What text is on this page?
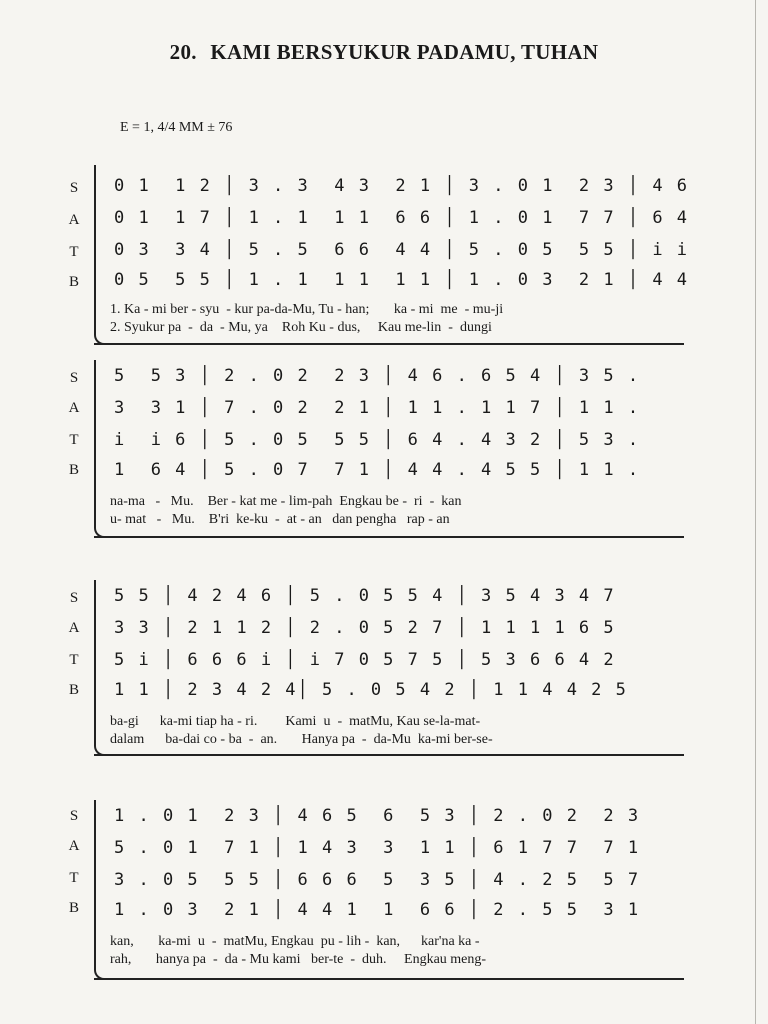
20. KAMI BERSYUKUR PADAMU, TUHAN
E = 1, 4/4 MM ± 76
S
A
T
B
0 1  1 2 │ 3 . 3  4 3  2 1 │ 3 . 0 1  2 3 │ 4 6
0 1  1 7 │ 1 . 1  1 1  6 6 │ 1 . 0 1  7 7 │ 6 4
0 3  3 4 │ 5 . 5  6 6  4 4 │ 5 . 0 5  5 5 │ i i
0 5  5 5 │ 1 . 1  1 1  1 1 │ 1 . 0 3  2 1 │ 4 4
1. Ka - mi ber - syu  - kur pa-da-Mu, Tu - han;       ka - mi  me  - mu-ji
2. Syukur pa  -  da  - Mu, ya    Roh Ku - dus,     Kau me-lin  -  dungi
S
A
T
B
5  5 3 │ 2 . 0 2  2 3 │ 4 6 . 6 5 4 │ 3 5 .
3  3 1 │ 7 . 0 2  2 1 │ 1 1 . 1 1 7 │ 1 1 .
i  i 6 │ 5 . 0 5  5 5 │ 6 4 . 4 3 2 │ 5 3 .
1  6 4 │ 5 . 0 7  7 1 │ 4 4 . 4 5 5 │ 1 1 .
na-ma   -   Mu.    Ber - kat me - lim-pah  Engkau be -  ri  -  kan
u- mat   -   Mu.    B'ri  ke-ku  -  at - an   dan pengha   rap - an
S
A
T
B
5 5 │ 4 2 4 6 │ 5 . 0 5 5 4 │ 3 5 4 3 4 7
3 3 │ 2 1 1 2 │ 2 . 0 5 2 7 │ 1 1 1 1 6 5
5 i │ 6 6 6 i │ i 7 0 5 7 5 │ 5 3 6 6 4 2
1 1 │ 2 3 4 2 4│ 5 . 0 5 4 2 │ 1 1 4 4 2 5
ba-gi      ka-mi tiap ha - ri.        Kami  u  -  matMu, Kau se-la-mat-
dalam      ba-dai co - ba  -  an.       Hanya pa  -  da-Mu  ka-mi ber-se-
S
A
T
B
1 . 0 1  2 3 │ 4 6 5  6  5 3 │ 2 . 0 2  2 3
5 . 0 1  7 1 │ 1 4 3  3  1 1 │ 6 1 7 7  7 1
3 . 0 5  5 5 │ 6 6 6  5  3 5 │ 4 . 2 5  5 7
1 . 0 3  2 1 │ 4 4 1  1  6 6 │ 2 . 5 5  3 1
kan,       ka-mi  u  -  matMu, Engkau  pu - lih -  kan,      kar'na ka -
rah,       hanya pa  -  da - Mu kami   ber-te  -  duh.     Engkau meng-
